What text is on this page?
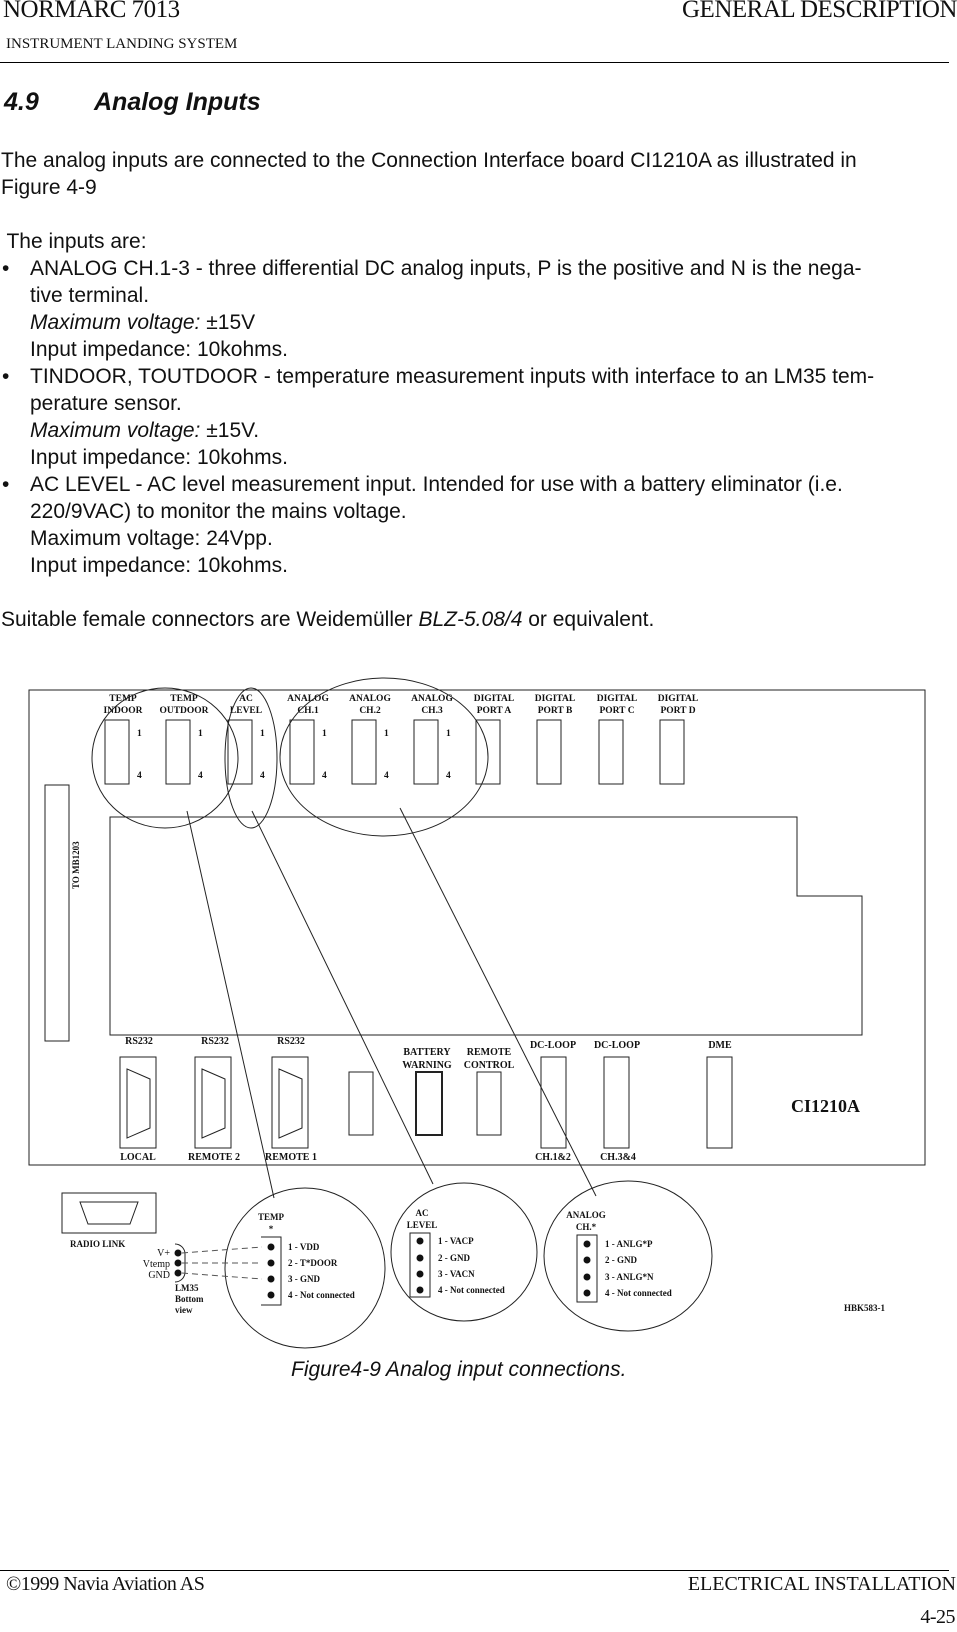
NORMARC 7013
INSTRUMENT LANDING SYSTEM
GENERAL DESCRIPTION
4.9 Analog Inputs
The analog inputs are connected to the Connection Interface board CI1210A as illustrated in
Figure 4-9
The inputs are:
• ANALOG CH.1-3 - three differential DC analog inputs, P is the positive and N is the nega-
tive terminal.
Maximum voltage: ±15V
Input impedance: 10kohms.
• TINDOOR, TOUTDOOR - temperature measurement inputs with interface to an LM35 tem-
perature sensor.
Maximum voltage: ±15V.
Input impedance: 10kohms.
• AC LEVEL - AC level measurement input. Intended for use with a battery eliminator (i.e.
220/9VAC) to monitor the mains voltage.
Maximum voltage: 24Vpp.
Input impedance: 10kohms.
Suitable female connectors are Weidemüller BLZ-5.08/4 or equivalent.
TEMP
INDOOR
1
4
TEMP
OUTDOOR
1
4
AC
LEVEL
1
4
ANALOG
CH.1
1
4
ANALOG
CH.2
1
4
ANALOG
CH.3
1
4
DIGITAL
PORT A
DIGITAL
PORT B
DIGITAL
PORT C
DIGITAL
PORT D
TO MB1203
RS232	RS232	RS232
LOCAL	REMOTE 2	REMOTE 1
BATTERY
WARNING
REMOTE
CONTROL
DC-LOOP DC-LOOP	DME
CH.1&2	CH.3&4
CI1210A
RADIO LINK
V+
Vtemp
GND
LM35
Bottom
view
TEMP
*
1 - VDD
2 - T*DOOR
3 - GND
4 - Not connected
AC
LEVEL
1 - VACP
2 - GND
3 - VACN
4 - Not connected
ANALOG
CH.*
1 - ANLG*P
2 - GND
3 - ANLG*N
4 - Not connected
HBK583-1
Figure4-9 Analog input connections.
©1999 Navia Aviation AS	ELECTRICAL INSTALLATION
4-25
